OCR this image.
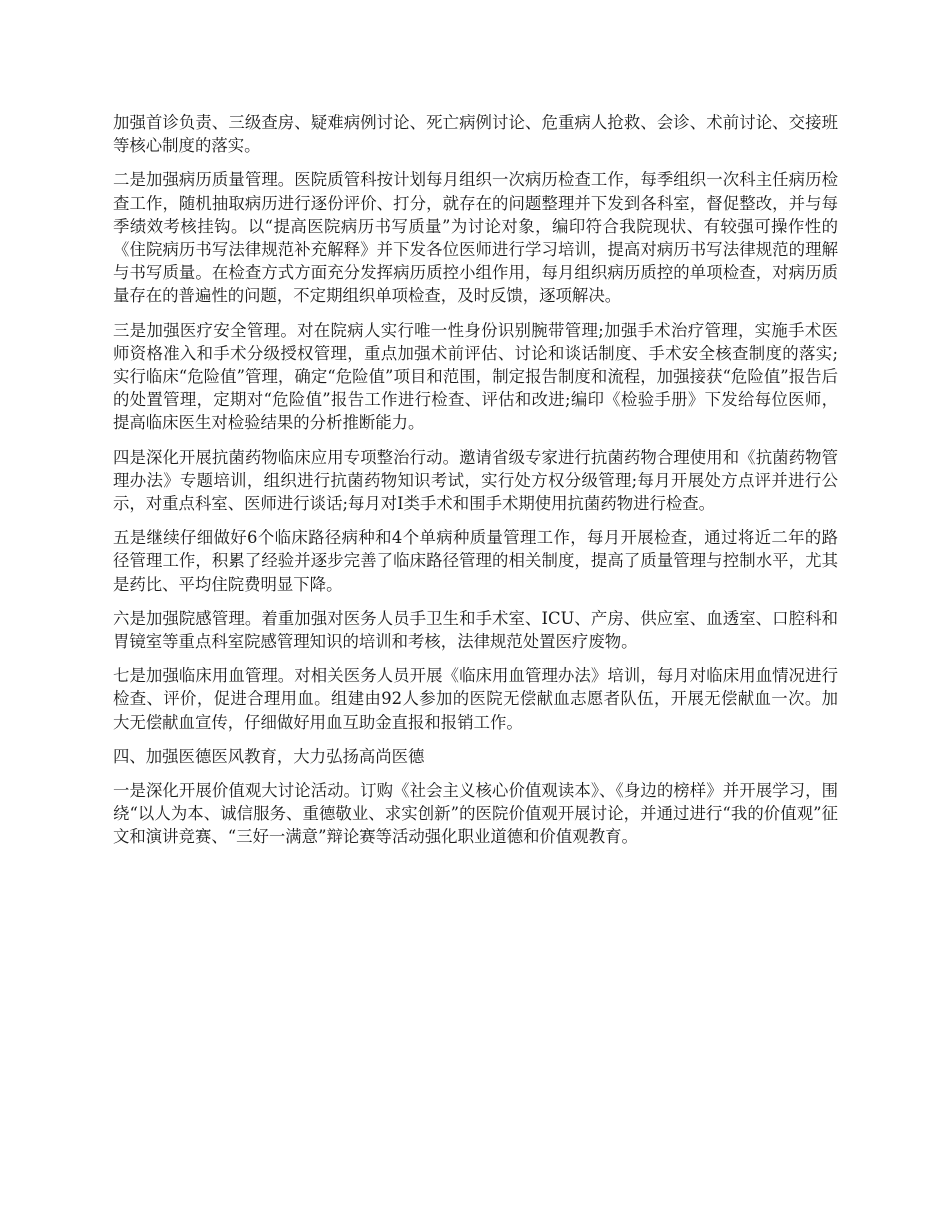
加强首诊负责、三级查房、疑难病例讨论、死亡病例讨论、危重病人抢救、会诊、术前讨论、交接班等核心制度的落实。

二是加强病历质量管理。医院质管科按计划每月组织一次病历检查工作，每季组织一次科主任病历检查工作，随机抽取病历进行逐份评价、打分，就存在的问题整理并下发到各科室，督促整改，并与每季绩效考核挂钩。以“提高医院病历书写质量”为讨论对象，编印符合我院现状、有较强可操作性的《住院病历书写法律规范补充解释》并下发各位医师进行学习培训，提高对病历书写法律规范的理解与书写质量。在检查方式方面充分发挥病历质控小组作用，每月组织病历质控的单项检查，对病历质量存在的普遍性的问题，不定期组织单项检查，及时反馈，逐项解决。

三是加强医疗安全管理。对在院病人实行唯一性身份识别腕带管理;加强手术治疗管理，实施手术医师资格准入和手术分级授权管理，重点加强术前评估、讨论和谈话制度、手术安全核查制度的落实;实行临床“危险值”管理，确定“危险值”项目和范围，制定报告制度和流程，加强接获“危险值”报告后的处置管理，定期对“危险值”报告工作进行检查、评估和改进;编印《检验手册》下发给每位医师，提高临床医生对检验结果的分析推断能力。

四是深化开展抗菌药物临床应用专项整治行动。邀请省级专家进行抗菌药物合理使用和《抗菌药物管理办法》专题培训，组织进行抗菌药物知识考试，实行处方权分级管理;每月开展处方点评并进行公示，对重点科室、医师进行谈话;每月对Ⅰ类手术和围手术期使用抗菌药物进行检查。

五是继续仔细做好6个临床路径病种和4个单病种质量管理工作，每月开展检查，通过将近二年的路径管理工作，积累了经验并逐步完善了临床路径管理的相关制度，提高了质量管理与控制水平，尤其是药比、平均住院费明显下降。

六是加强院感管理。着重加强对医务人员手卫生和手术室、ICU、产房、供应室、血透室、口腔科和胃镜室等重点科室院感管理知识的培训和考核，法律规范处置医疗废物。

七是加强临床用血管理。对相关医务人员开展《临床用血管理办法》培训，每月对临床用血情况进行检查、评价，促进合理用血。组建由92人参加的医院无偿献血志愿者队伍，开展无偿献血一次。加大无偿献血宣传，仔细做好用血互助金直报和报销工作。

四、加强医德医风教育，大力弘扬高尚医德

一是深化开展价值观大讨论活动。订购《社会主义核心价值观读本》、《身边的榜样》并开展学习，围绕“以人为本、诚信服务、重德敬业、求实创新”的医院价值观开展讨论，并通过进行“我的价值观”征文和演讲竞赛、“三好一满意”辩论赛等活动强化职业道德和价值观教育。
